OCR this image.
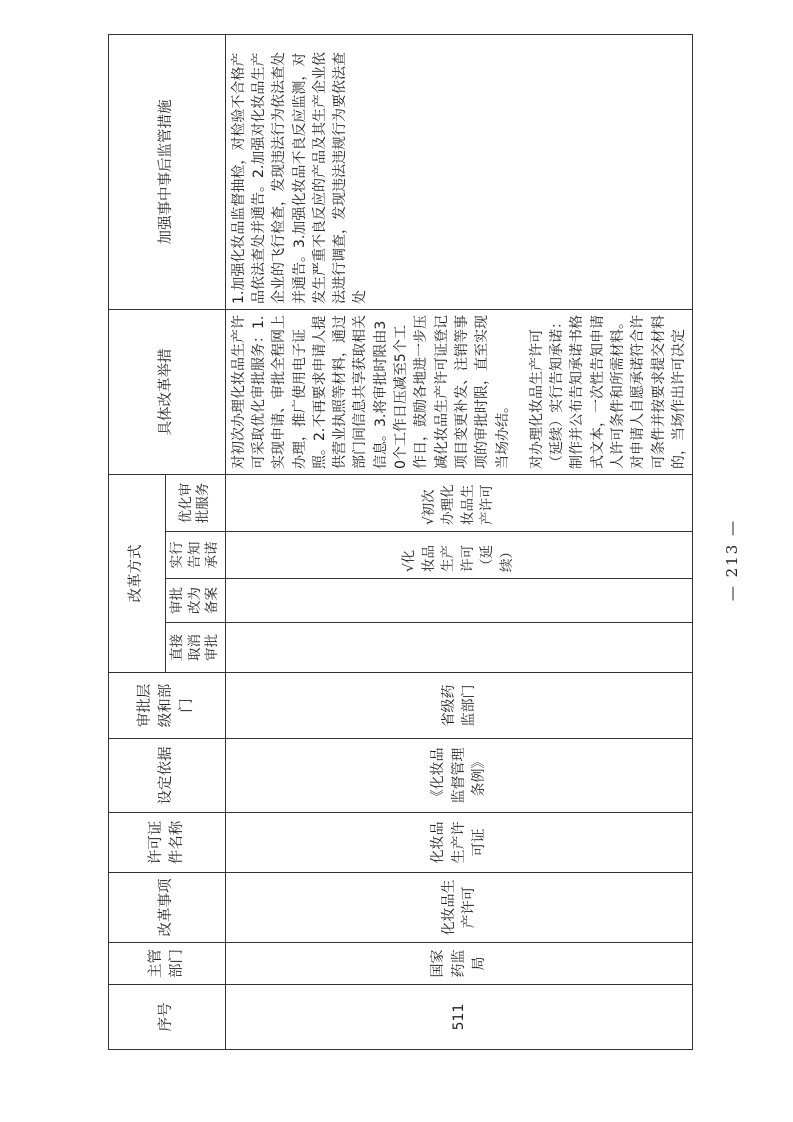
序号	主管部门	改革事项	许可证件名称	设定依据	审批层级和部门	改革方式				具体改革举措	加强事中事后监管措施
						直接取消审批	审批改为备案	实行告知承诺	优化审批服务		
511	国家药监局	化妆品生产许可	化妆品生产许可证	《化妆品监督管理条例》	省级药监部门			√化妆品生产许可（延续）	√初次办理化妆品生产许可	对初次办理化妆品生产许可采取优化审批服务：1.实现申请、审批全程网上办理，推广使用电子证照。2.不再要求申请人提供营业执照等材料，通过部门间信息共享获取相关信息。3.将审批时限由30个工作日压减至5个工作日，鼓励各地进一步压减化妆品生产许可证登记项目变更补发、注销等事项的审批时限，直至实现当场办结。 对办理化妆品生产许可（延续）实行告知承诺：制作并公布告知承诺书格式文本，一次性告知申请人许可条件和所需材料。对申请人自愿承诺符合许可条件并按要求提交材料的，当场作出许可决定	1.加强化妆品监督抽检，对检验不合格产品依法查处并通告。2.加强对化妆品生产企业的飞行检查，发现违法行为依法查处并通告。3.加强化妆品不良反应监测，对发生严重不良反应的产品及其生产企业依法进行调查，发现违法违规行为要依法查处
— 213 —
